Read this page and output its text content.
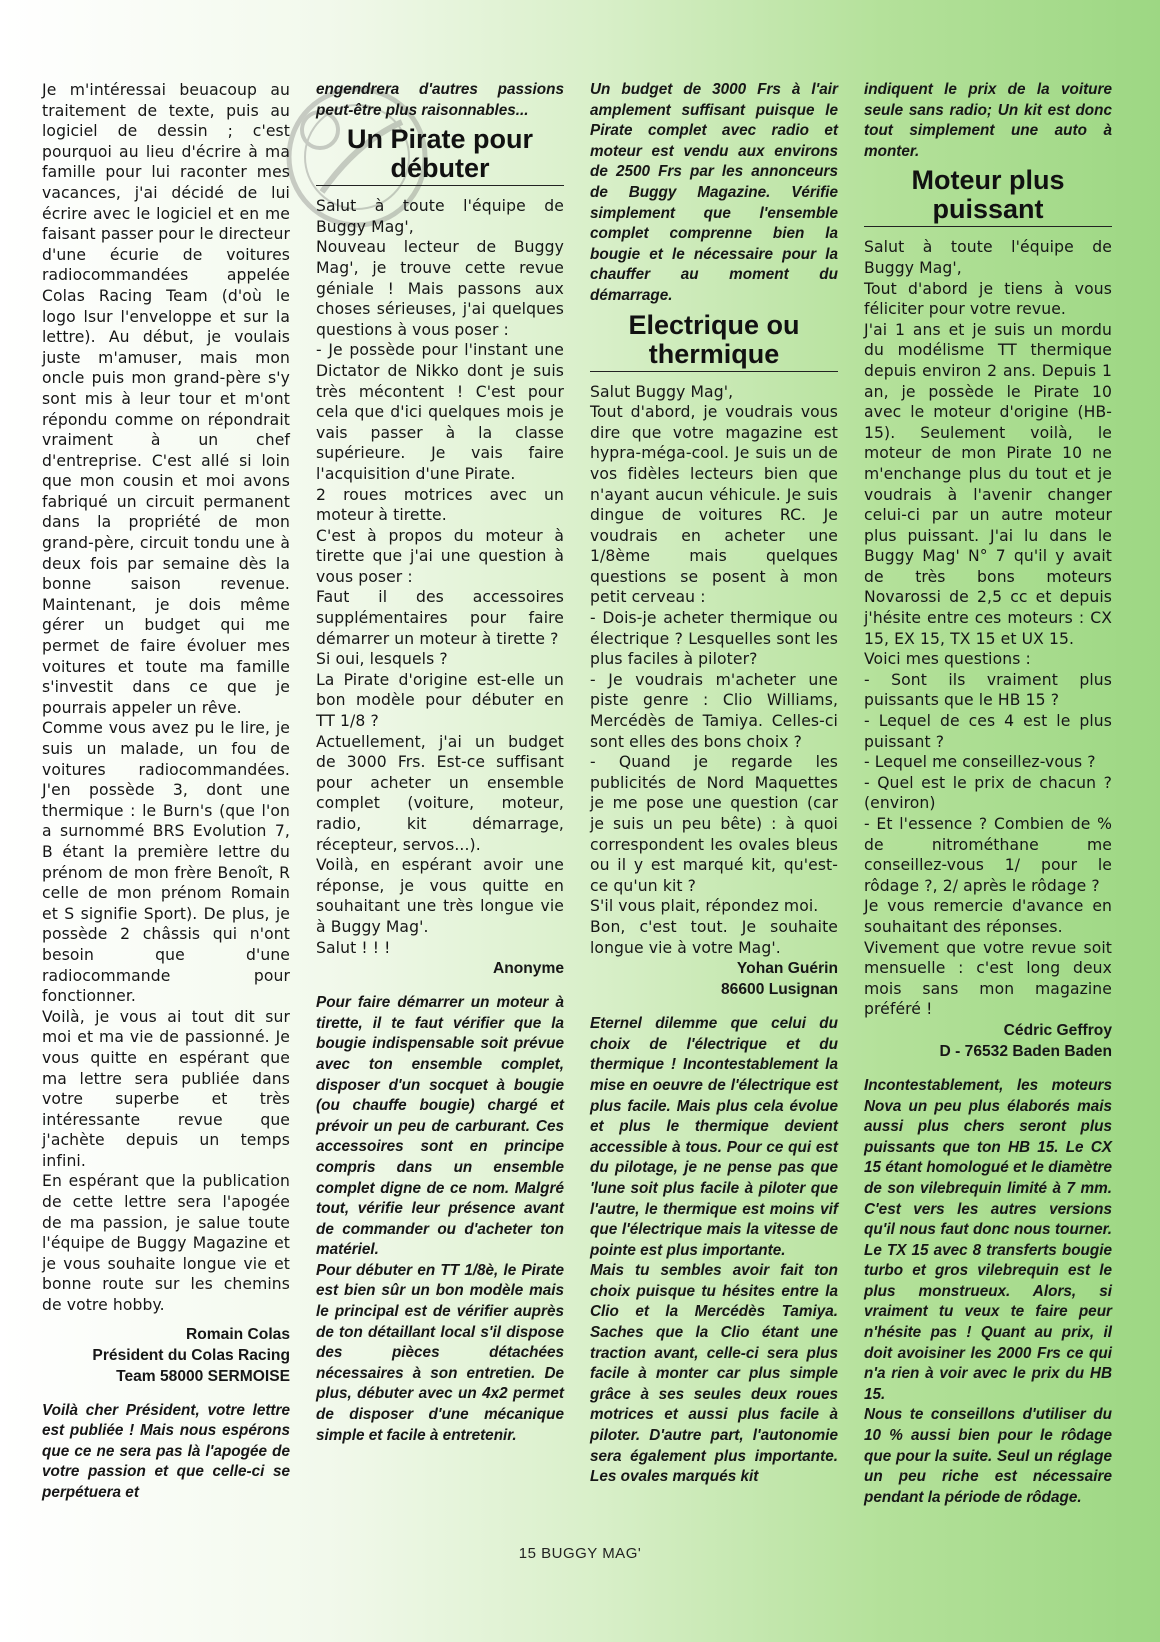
Je m'intéressai beuacoup au traitement de texte, puis au logiciel de dessin ; c'est pourquoi au lieu d'écrire à ma famille pour lui raconter mes vacances, j'ai décidé de lui écrire avec le logiciel et en me faisant passer pour le directeur d'une écurie de voitures radiocommandées appelée Colas Racing Team (d'où le logo lsur l'enveloppe et sur la lettre). Au début, je voulais juste m'amuser, mais mon oncle puis mon grand-père s'y sont mis à leur tour et m'ont répondu comme on répondrait vraiment à un chef d'entreprise. C'est allé si loin que mon cousin et moi avons fabriqué un circuit permanent dans la propriété de mon grand-père, circuit tondu une à deux fois par semaine dès la bonne saison revenue. Maintenant, je dois même gérer un budget qui me permet de faire évoluer mes voitures et toute ma famille s'investit dans ce que je pourrais appeler un rêve.
Comme vous avez pu le lire, je suis un malade, un fou de voitures radiocommandées. J'en possède 3, dont une thermique : le Burn's (que l'on a surnommé BRS Evolution 7, B étant la première lettre du prénom de mon frère Benoît, R celle de mon prénom Romain et S signifie Sport). De plus, je possède 2 châssis qui n'ont besoin que d'une radiocommande pour fonctionner.
Voilà, je vous ai tout dit sur moi et ma vie de passionné. Je vous quitte en espérant que ma lettre sera publiée dans votre superbe et très intéressante revue que j'achète depuis un temps infini.
En espérant que la publication de cette lettre sera l'apogée de ma passion, je salue toute l'équipe de Buggy Magazine et je vous souhaite longue vie et bonne route sur les chemins de votre hobby.

Romain Colas
Président du Colas Racing
Team 58000 SERMOISE

Voilà cher Président, votre lettre est publiée ! Mais nous espérons que ce ne sera pas là l'apogée de votre passion et que celle-ci se perpétuera et

engendrera d'autres passions peut-être plus raisonnables...

Un Pirate pour
débuter

Salut à toute l'équipe de Buggy Mag',
Nouveau lecteur de Buggy Mag', je trouve cette revue géniale ! Mais passons aux choses sérieuses, j'ai quelques questions à vous poser :
- Je possède pour l'instant une Dictator de Nikko dont je suis très mécontent ! C'est pour cela que d'ici quelques mois je vais passer à la classe supérieure. Je vais faire l'acquisition d'une Pirate.
2 roues motrices avec un moteur à tirette.
C'est à propos du moteur à tirette que j'ai une question à vous poser :
Faut il des accessoires supplémentaires pour faire démarrer un moteur à tirette ?
Si oui, lesquels ?
La Pirate d'origine est-elle un bon modèle pour débuter en TT 1/8 ?
Actuellement, j'ai un budget de 3000 Frs. Est-ce suffisant pour acheter un ensemble complet (voiture, moteur, radio, kit démarrage, récepteur, servos...).
Voilà, en espérant avoir une réponse, je vous quitte en souhaitant une très longue vie à Buggy Mag'.
Salut ! ! !

Anonyme

Pour faire démarrer un moteur à tirette, il te faut vérifier que la bougie indispensable soit prévue avec ton ensemble complet, disposer d'un socquet à bougie (ou chauffe bougie) chargé et prévoir un peu de carburant. Ces accessoires sont en principe compris dans un ensemble complet digne de ce nom. Malgré tout, vérifie leur présence avant de commander ou d'acheter ton matériel.
Pour débuter en TT 1/8è, le Pirate est bien sûr un bon modèle mais le principal est de vérifier auprès de ton détaillant local s'il dispose des pièces détachées nécessaires à son entretien. De plus, débuter avec un 4x2 permet de disposer d'une mécanique simple et facile à entretenir.

Un budget de 3000 Frs à l'air amplement suffisant puisque le Pirate complet avec radio et moteur est vendu aux environs de 2500 Frs par les annonceurs de Buggy Magazine. Vérifie simplement que l'ensemble complet comprenne bien la bougie et le nécessaire pour la chauffer au moment du démarrage.

Electrique ou
thermique

Salut Buggy Mag',
Tout d'abord, je voudrais vous dire que votre magazine est hypra-méga-cool. Je suis un de vos fidèles lecteurs bien que n'ayant aucun véhicule. Je suis dingue de voitures RC. Je voudrais en acheter une 1/8ème mais quelques questions se posent à mon petit cerveau :
- Dois-je acheter thermique ou électrique ? Lesquelles sont les plus faciles à piloter?
- Je voudrais m'acheter une piste genre : Clio Williams, Mercédès de Tamiya. Celles-ci sont elles des bons choix ?
- Quand je regarde les publicités de Nord Maquettes je me pose une question (car je suis un peu bête) : à quoi correspondent les ovales bleus ou il y est marqué kit, qu'est-ce qu'un kit ?
S'il vous plait, répondez moi.
Bon, c'est tout. Je souhaite longue vie à votre Mag'.

Yohan Guérin
86600 Lusignan

Eternel dilemme que celui du choix de l'électrique et du thermique ! Incontestablement la mise en oeuvre de l'électrique est plus facile. Mais plus cela évolue et plus le thermique devient accessible à tous. Pour ce qui est du pilotage, je ne pense pas que 'lune soit plus facile à piloter que l'autre, le thermique est moins vif que l'électrique mais la vitesse de pointe est plus importante.
Mais tu sembles avoir fait ton choix puisque tu hésites entre la Clio et la Mercédès Tamiya. Saches que la Clio étant une traction avant, celle-ci sera plus facile à monter car plus simple grâce à ses seules deux roues motrices et aussi plus facile à piloter. D'autre part, l'autonomie sera également plus importante. Les ovales marqués kit

indiquent le prix de la voiture seule sans radio; Un kit est donc tout simplement une auto à monter.

Moteur plus
puissant

Salut à toute l'équipe de Buggy Mag',
Tout d'abord je tiens à vous féliciter pour votre revue.
J'ai 1 ans et je suis un mordu du modélisme TT thermique depuis environ 2 ans. Depuis 1 an, je possède le Pirate 10 avec le moteur d'origine (HB-15). Seulement voilà, le moteur de mon Pirate 10 ne m'enchange plus du tout et je voudrais à l'avenir changer celui-ci par un autre moteur plus puissant. J'ai lu dans le Buggy Mag' N° 7 qu'il y avait de très bons moteurs Novarossi de 2,5 cc et depuis j'hésite entre ces moteurs : CX 15, EX 15, TX 15 et UX 15.
Voici mes questions :
- Sont ils vraiment plus puissants que le HB 15 ?
- Lequel de ces 4 est le plus puissant ?
- Lequel me conseillez-vous ?
- Quel est le prix de chacun ? (environ)
- Et l'essence ? Combien de % de nitrométhane me conseillez-vous 1/ pour le rôdage ?, 2/ après le rôdage ?
Je vous remercie d'avance en souhaitant des réponses.
Vivement que votre revue soit mensuelle : c'est long deux mois sans mon magazine préféré !

Cédric Geffroy
D - 76532 Baden Baden

Incontestablement, les moteurs Nova un peu plus élaborés mais aussi plus chers seront plus puissants que ton HB 15. Le CX 15 étant homologué et le diamètre de son vilebrequin limité à 7 mm. C'est vers les autres versions qu'il nous faut donc nous tourner. Le TX 15 avec 8 transferts bougie turbo et gros vilebrequin est le plus monstrueux. Alors, si vraiment tu veux te faire peur n'hésite pas ! Quant au prix, il doit avoisiner les 2000 Frs ce qui n'a rien à voir avec le prix du HB 15.
Nous te conseillons d'utiliser du 10 % aussi bien pour le rôdage que pour la suite. Seul un réglage un peu riche est nécessaire pendant la période de rôdage.

15 BUGGY MAG'
